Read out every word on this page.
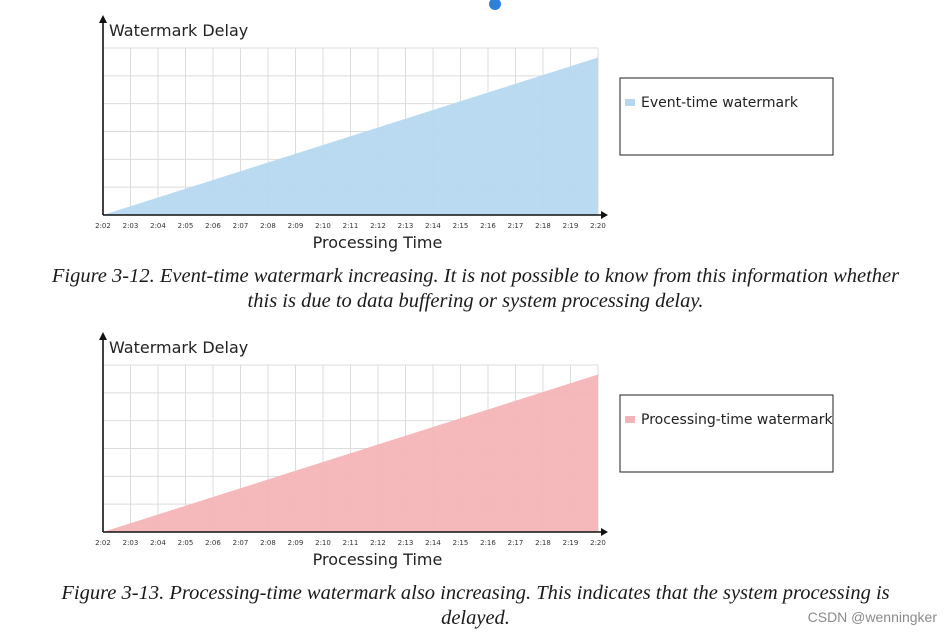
2:02 2:03 2:04 2:05 2:06 2:07 2:08 2:09 2:10 2:11 2:12 2:13 2:14 2:15 2:16 2:17 2:18 2:19 2:20
Watermark Delay
Processing Time
Event-time watermark
Figure 3-12. Event-time watermark increasing. It is not possible to know from this information whether
this is due to data buffering or system processing delay.
2:02 2:03 2:04 2:05 2:06 2:07 2:08 2:09 2:10 2:11 2:12 2:13 2:14 2:15 2:16 2:17 2:18 2:19 2:20
Watermark Delay
Processing Time
Processing-time watermark
Figure 3-13. Processing-time watermark also increasing. This indicates that the system processing is
delayed.	CSDN @wenningker
